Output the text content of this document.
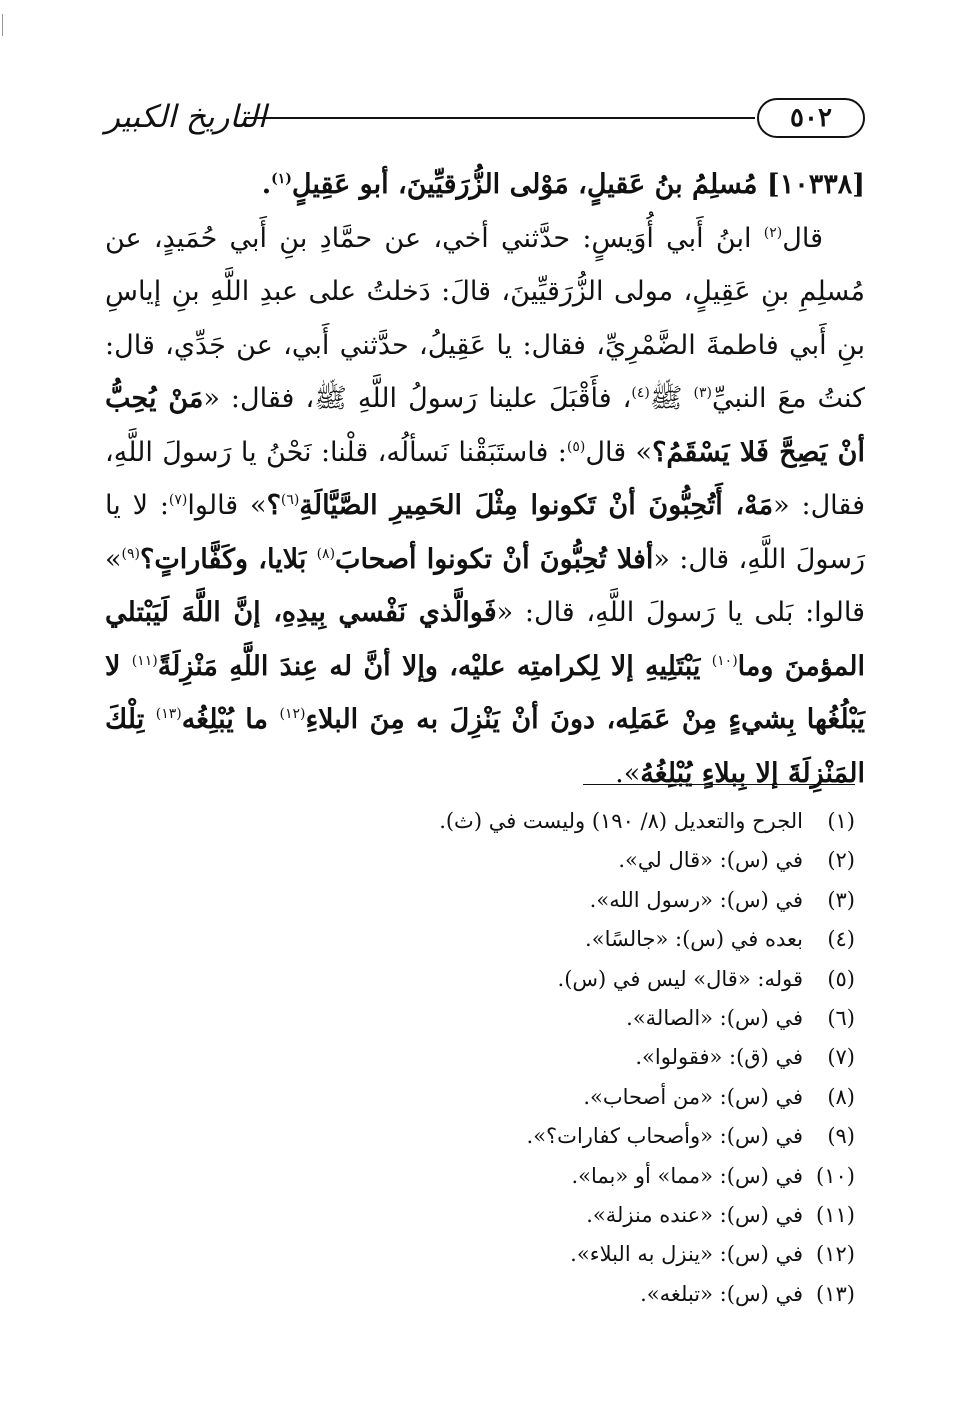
التاريخ الكبير	٥٠٢

[١٠٣٣٨] مُسلِمُ بنُ عَقيلٍ، مَوْلى الزُّرَقيِّينَ، أبو عَقِيلٍ$^{(١)}$.

قال$^{(٢)}$ ابنُ أَبي أُوَيسٍ: حدَّثني أخي، عن حمَّادِ بنِ أَبي حُمَيدٍ، عن مُسلِمِ بنِ عَقِيلٍ، مولى الزُّرَقيِّينَ، قالَ: دَخلتُ على عبدِ اللَّهِ بنِ إياسِ بنِ أَبي فاطمةَ الضَّمْرِيِّ، فقال: يا عَقِيلُ، حدَّثني أَبي، عن جَدِّي، قال: كنتُ معَ النبيِّ$^{(٣)}$ ﷺ$^{(٤)}$، فأَقْبَلَ علينا رَسولُ اللَّهِ ﷺ، فقال: «مَنْ يُحِبُّ أنْ يَصِحَّ فَلا يَسْقَمُ؟» قال$^{(٥)}$: فاستَبَقْنا نَسألُه، قلْنا: نَحْنُ يا رَسولَ اللَّهِ، فقال: «مَهْ، أَتُحِبُّونَ أنْ تَكونوا مِثْلَ الحَمِيرِ الصَّيَّالَةِ$^{(٦)}$؟» قالوا$^{(٧)}$: لا يا رَسولَ اللَّهِ، قال: «أفلا تُحِبُّونَ أنْ تكونوا أصحابَ$^{(٨)}$ بَلايا، وكَفَّاراتٍ؟$^{(٩)}$» قالوا: بَلى يا رَسولَ اللَّهِ، قال: «فَوالَّذي نَفْسي بِيدِهِ، إنَّ اللَّهَ لَيَبْتلي المؤمنَ وما$^{(١٠)}$ يَبْتَلِيهِ إلا لِكرامتِه عليْه، وإلا أنَّ له عِندَ اللَّهِ مَنْزِلَةً$^{(١١)}$ لا يَبْلُغُها بِشيءٍ مِنْ عَمَلِه، دونَ أنْ يَنْزِلَ به مِنَ البلاءِ$^{(١٢)}$ ما يُبْلِغُه$^{(١٣)}$ تِلْكَ المَنْزِلَةَ إلا بِبلاءٍ يُبْلِغُهُ».

(١)الجرح والتعديل (٨/ ١٩٠) وليست في (ث).
(٢)في (س): «قال لي».
(٣)في (س): «رسول الله».
(٤)بعده في (س): «جالسًا».
(٥)قوله: «قال» ليس في (س).
(٦)في (س): «الصالة».
(٧)في (ق): «فقولوا».
(٨)في (س): «من أصحاب».
(٩)في (س): «وأصحاب كفارات؟».
(١٠)في (س): «مما» أو «بما».
(١١)في (س): «عنده منزلة».
(١٢)في (س): «ينزل به البلاء».
(١٣)في (س): «تبلغه».
